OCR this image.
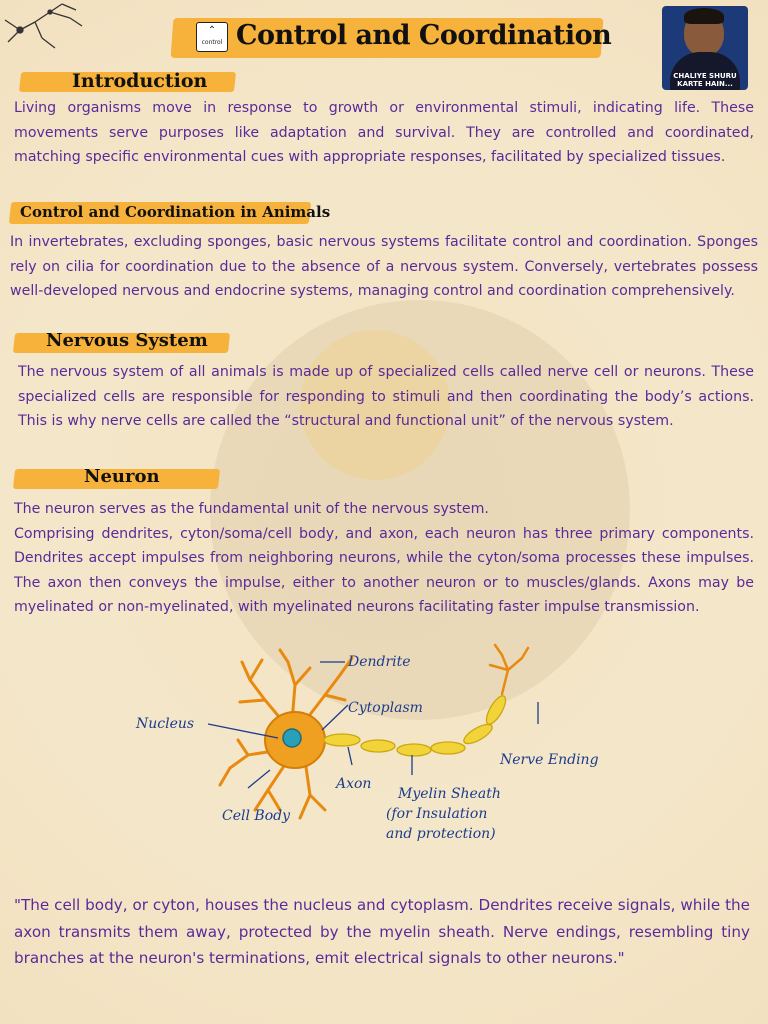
⌃
control Control and Coordination
CHALIYE SHURU
KARTE HAIN...
Introduction

Living organisms move in response to growth or environmental stimuli, indicating life. These movements serve purposes like adaptation and survival. They are controlled and coordinated, matching specific environmental cues with appropriate responses, facilitated by specialized tissues.

Control and Coordination in Animals

In invertebrates, excluding sponges, basic nervous systems facilitate control and coordination. Sponges rely on cilia for coordination due to the absence of a nervous system. Conversely, vertebrates possess well-developed nervous and endocrine systems, managing control and coordination comprehensively.

Nervous System

The nervous system of all animals is made up of specialized cells called nerve cell or neurons. These specialized cells are responsible for responding to stimuli and then coordinating the body’s actions. This is why nerve cells are called the “structural and functional unit” of the nervous system.

Neuron

The neuron serves as the fundamental unit of the nervous system.

Comprising dendrites, cyton/soma/cell body, and axon, each neuron has three primary components. Dendrites accept impulses from neighboring neurons, while the cyton/soma processes these impulses. The axon then conveys the impulse, either to another neuron or to muscles/glands. Axons may be myelinated or non-myelinated, with myelinated neurons facilitating faster impulse transmission.

Dendrite
Cytoplasm
Nucleus
Nerve Ending
Axon
Myelin Sheath
(for Insulation
and protection)
Cell Body
"The cell body, or cyton, houses the nucleus and cytoplasm. Dendrites receive signals, while the axon transmits them away, protected by the myelin sheath. Nerve endings, resembling tiny branches at the neuron's terminations, emit electrical signals to other neurons."
